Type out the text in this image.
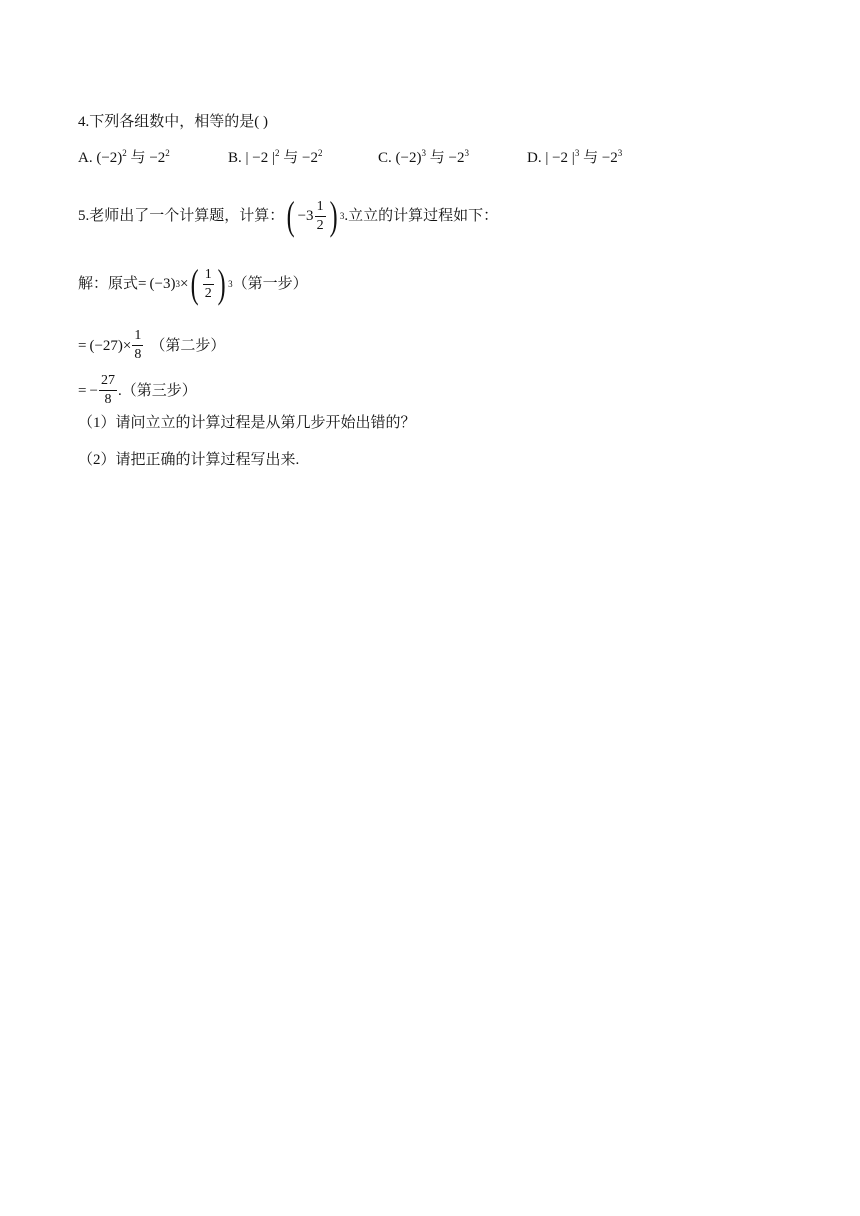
4.下列各组数中，相等的是( )
A. $(-2)^2$ 与 $-2^2$	B. | −2 $|^2$ 与 $-2^2$	C. $(-2)^3$ 与 $-2^3$	D. | −2 $|^3$ 与 $-2^3$
5.老师出了一个计算题，计算： ( $-3 \frac{1}{2}$ ) 3 .立立的计算过程如下：
解：原式 = (−3) 3 × ( $\frac{1}{2}$ ) 3 （第一步）
= $(-27) \times \frac{1}{8}$ （第二步）
= − $\frac{27}{8}$ . （第三步）
（1）请问立立的计算过程是从第几步开始出错的？
（2）请把正确的计算过程写出来.
